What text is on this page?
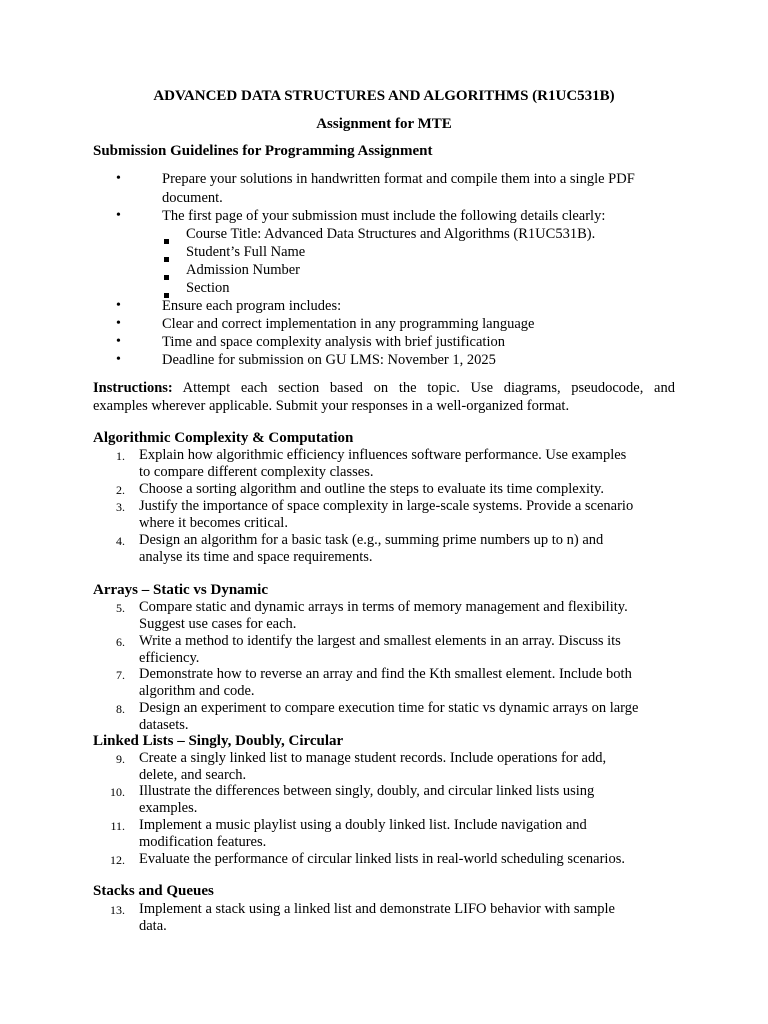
ADVANCED DATA STRUCTURES AND ALGORITHMS (R1UC531B)
Assignment for MTE
Submission Guidelines for Programming Assignment
•	Prepare your solutions in handwritten format and compile them into a single PDF
document.
•	The first page of your submission must include the following details clearly:
Course Title: Advanced Data Structures and Algorithms (R1UC531B).
Student’s Full Name
Admission Number
Section
•	Ensure each program includes:
•	Clear and correct implementation in any programming language
•	Time and space complexity analysis with brief justification
•	Deadline for submission on GU LMS: November 1, 2025
Instructions: Attempt each section based on the topic. Use diagrams, pseudocode, and
examples wherever applicable. Submit your responses in a well-organized format.
Algorithmic Complexity & Computation
1. Explain how algorithmic efficiency influences software performance. Use examples
to compare different complexity classes.
2. Choose a sorting algorithm and outline the steps to evaluate its time complexity.
3. Justify the importance of space complexity in large-scale systems. Provide a scenario
where it becomes critical.
4. Design an algorithm for a basic task (e.g., summing prime numbers up to n) and
analyse its time and space requirements.
Arrays – Static vs Dynamic
5. Compare static and dynamic arrays in terms of memory management and flexibility.
Suggest use cases for each.
6. Write a method to identify the largest and smallest elements in an array. Discuss its
efficiency.
7. Demonstrate how to reverse an array and find the Kth smallest element. Include both
algorithm and code.
8. Design an experiment to compare execution time for static vs dynamic arrays on large
datasets.
Linked Lists – Singly, Doubly, Circular
9. Create a singly linked list to manage student records. Include operations for add,
delete, and search.
10. Illustrate the differences between singly, doubly, and circular linked lists using
examples.
11. Implement a music playlist using a doubly linked list. Include navigation and
modification features.
12. Evaluate the performance of circular linked lists in real-world scheduling scenarios.
Stacks and Queues
13. Implement a stack using a linked list and demonstrate LIFO behavior with sample
data.
